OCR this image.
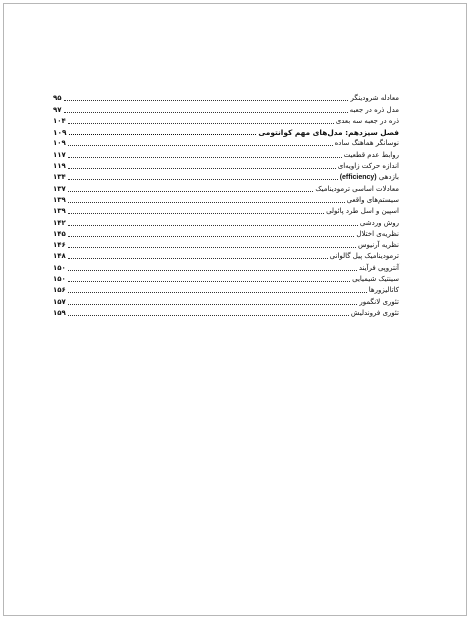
معادله شرودینگر
۹۵
مدل ذره در جعبه
۹۷
ذره در جعبه سه بعدی
۱۰۴
فصل سیزدهم: مدل‌های مهم کوانتومی
۱۰۹
نوسانگر هماهنگ ساده
۱۰۹
روابط عدم قطعیت
۱۱۷
اندازه حرکت زاویه‌ای
۱۱۹
بازدهی (efficiency)
۱۳۴
معادلات اساسی ترمودینامیک
۱۳۷
سیستم‌های واقعی
۱۳۹
اسپین و اسل طرد پائولی
۱۳۹
روش وردشی
۱۴۲
نظریه‌ی اختلال
۱۴۵
نظریه آرنیوس
۱۴۶
ترمودینامیک پیل گالوانی
۱۴۸
آنتروپی فرآیند
۱۵۰
سینتیک شیمیایی
۱۵۰
کاتالیزورها
۱۵۶
تئوری لانگمور
۱۵۷
تئوری فروندلیش
۱۵۹
